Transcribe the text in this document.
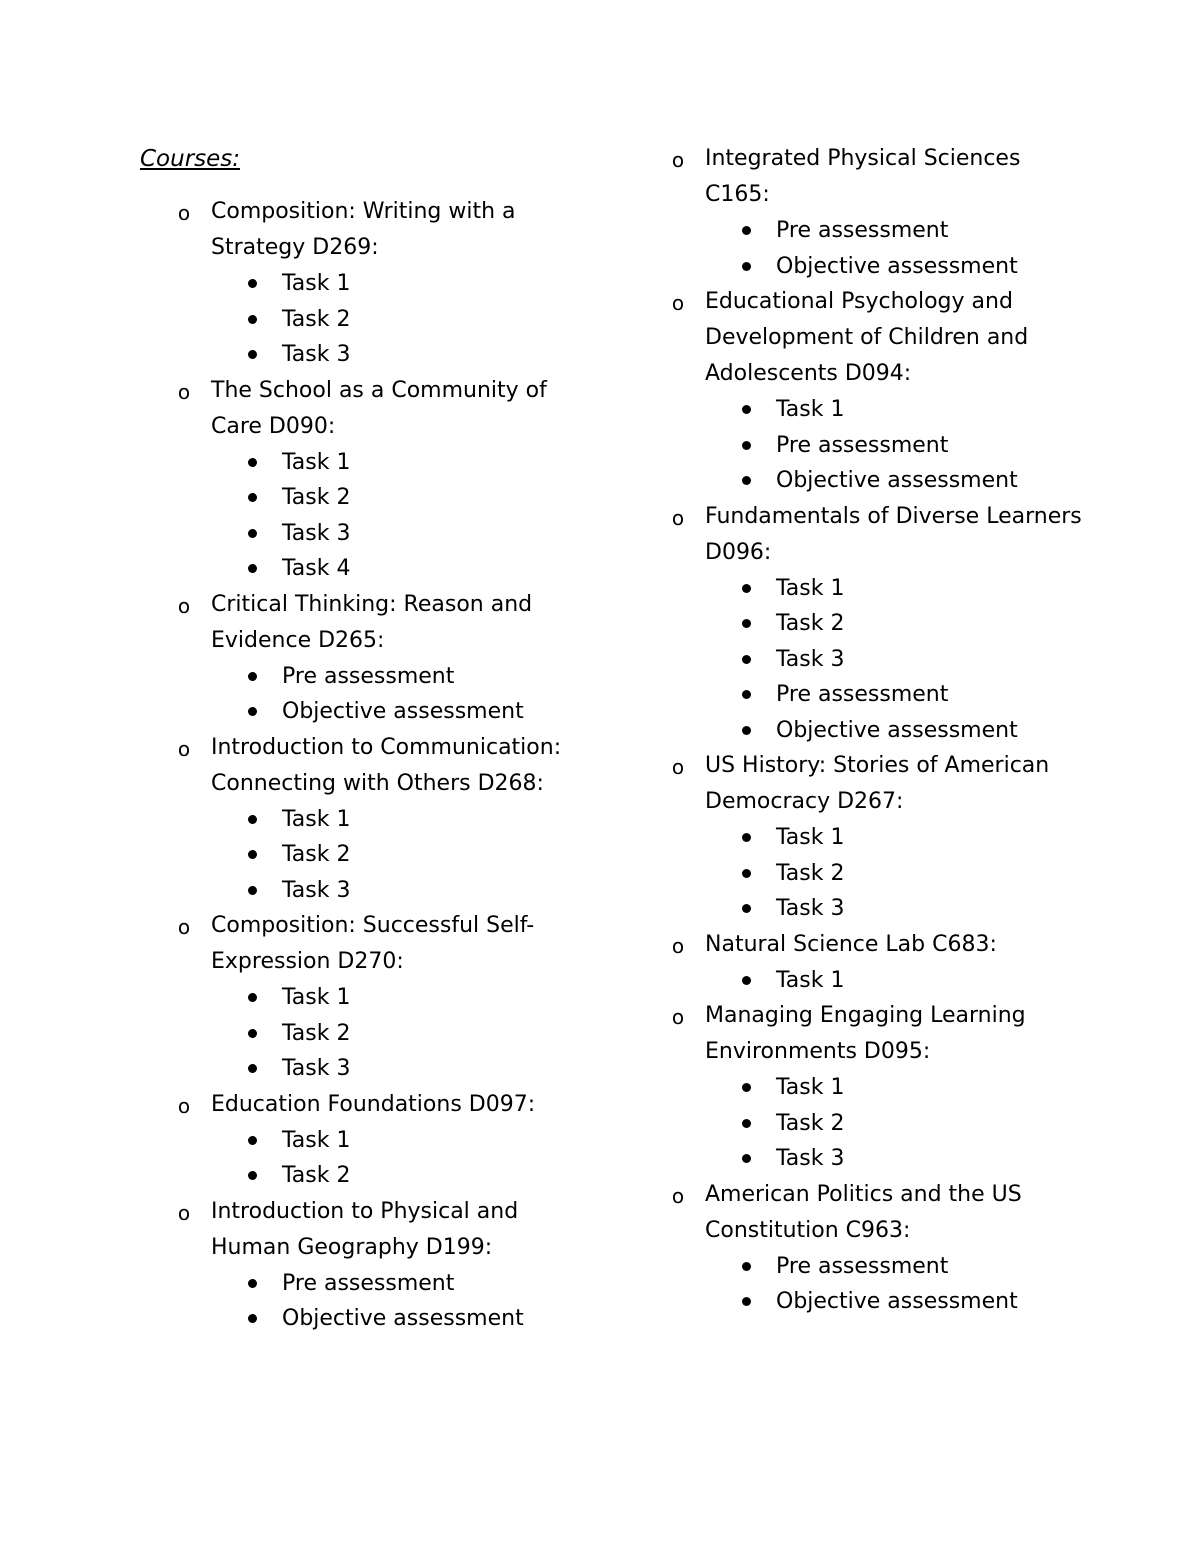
Courses:
o Composition: Writing with a Strategy D269:
Task 1
Task 2
Task 3
o The School as a Community of Care D090:
Task 1
Task 2
Task 3
Task 4
o Critical Thinking: Reason and Evidence D265:
Pre assessment
Objective assessment
o Introduction to Communication: Connecting with Others D268:
Task 1
Task 2
Task 3
o Composition: Successful Self-Expression D270:
Task 1
Task 2
Task 3
o Education Foundations D097:
Task 1
Task 2
o Introduction to Physical and Human Geography D199:
Pre assessment
Objective assessment
o Integrated Physical Sciences C165:
Pre assessment
Objective assessment
o Educational Psychology and Development of Children and Adolescents D094:
Task 1
Pre assessment
Objective assessment
o Fundamentals of Diverse Learners D096:
Task 1
Task 2
Task 3
Pre assessment
Objective assessment
o US History: Stories of American Democracy D267:
Task 1
Task 2
Task 3
o Natural Science Lab C683:
Task 1
o Managing Engaging Learning Environments D095:
Task 1
Task 2
Task 3
o American Politics and the US Constitution C963:
Pre assessment
Objective assessment
